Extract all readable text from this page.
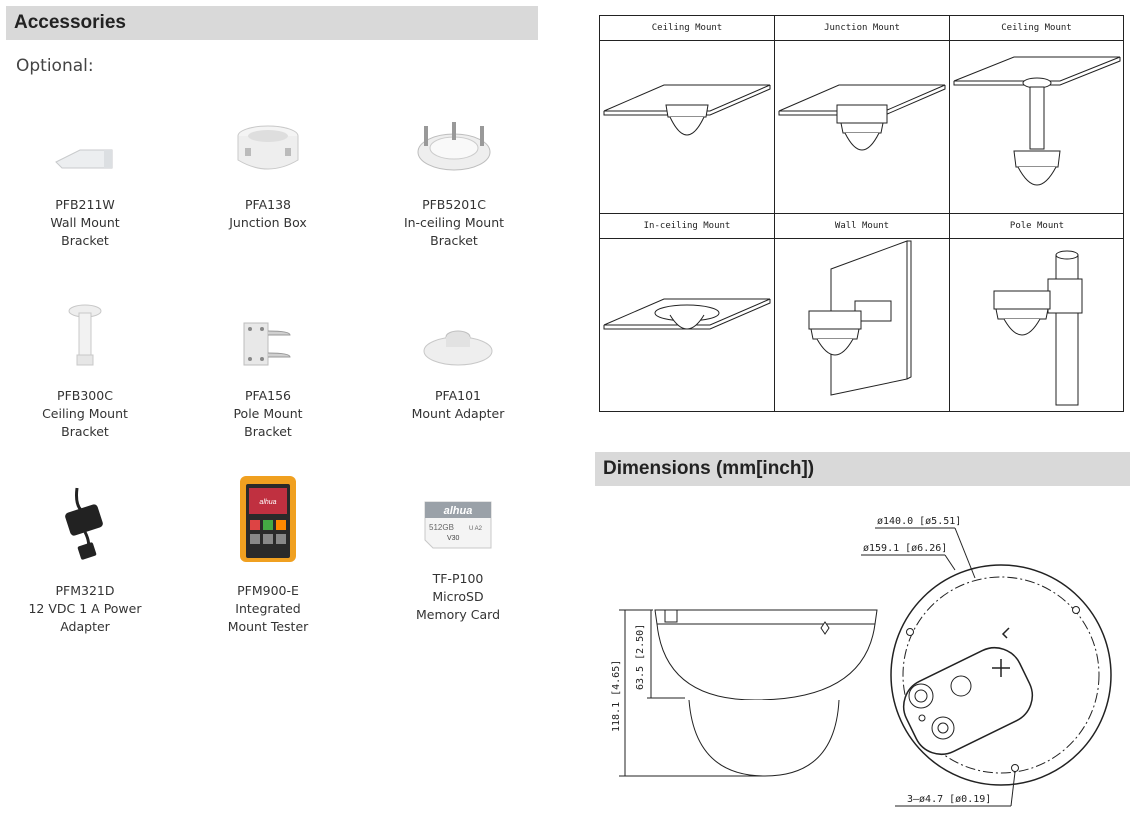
Accessories
Optional:
PFB211W
Wall Mount
Bracket
PFA138
Junction Box
PFB5201C
In-ceiling Mount
Bracket
PFB300C
Ceiling Mount
Bracket
PFA156
Pole Mount
Bracket
PFA101
Mount Adapter
PFM321D
12 VDC 1 A Power
Adapter
alhua
PFM900-E
Integrated
Mount Tester
alhua
512GB	U A2
V30
TF-P100
MicroSD
Memory Card
Ceiling Mount	Junction Mount	Ceiling Mount
In-ceiling Mount	Wall Mount	Pole Mount
Dimensions (mm[inch])
118.1 [4.65]
63.5 [2.50]
ø140.0 [ø5.51]
ø159.1 [ø6.26]
3–ø4.7 [ø0.19]
